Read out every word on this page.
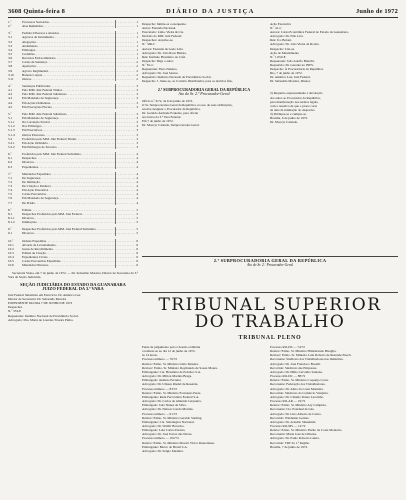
3608 Quinta-feira 8	DIÁRIO DA JUSTIÇA	Junho de 1972
1.º	Processos Sorteados . . .	1
2.º	Atas Remetidas . . .	1
3.º	Pedidos Diversos e Atuados . . .	1
3.1	Agravos de Instrumento . . .	1
3.2	Alegações . . .	1
3.3	Andamento . . .	1
3.4	Embargos . . .	1
3.5	Certidões . . .	1
3.6	Recursos Extraordinários . . .	1
3.7	Cartas de Sentença . . .	2
3.8	Apelações . . .	2
3.9	Agravo Regimental . . .	2
3.10	Habeas Corpus . . .	2
3.11	Outros . . .	2
4.º	Sentenças Publicadas . . .	3
4.1	Pelo MM. Juiz Federal Titular . . .	3
4.2	Pelo MM. Juiz Federal Substituto . . .	3
4.3	Em Mandado de Segurança . . .	3
4.4	Em Ações Ordinárias . . .	3
4.5	Em Execuções Fiscais . . .	3
5.º	Pelo MM. Juiz Federal Substituto . . .	3
5.1	Em Mandado de Segurança . . .	3
5.1.1	Na Correição Parcial . . .	3
5.1.2	Nos Embargos . . .	3
5.1.3	Em Executivos . . .	3
5.1.4	Outros Pareceres . . .	3
5.2	Proferidos pelo MM. Juiz Federal Titular . . .	3
5.2.1	Em Ação Ordinária . . .	3
5.2.2	Em Embargos de Terceiro . . .	3
6.º	Proferidos pelo MM. Juiz Federal Substituto . . .	4
6.1	Despachos . . .	4
6.2	Diversos . . .	4
6.3	Expedientes . . .	4
7.º	Mandados Expedidos . . .	4
7.1	De Segurança . . .	4
7.2	De Intimação . . .	4
7.3	De Citação e Penhora . . .	4
7.4	Em Ação Executiva . . .	4
7.5	Cartas Precatórias . . .	4
7.6	Em Mandado de Segurança . . .	4
7.7	De Prisão . . .	4
8.º	Editais . . .	5
8.1	Despachos Proferidos pelo MM. Juiz Federal . . .	5
8.1.1	Diversos . . .	5
8.1.2	Intimações . . .	5
9.º	Despachos Proferidos pelo MM. Juiz Federal Substituto . . .	5
9.1	Diversos . . .	5
10.º	Ordens Expedidas . . .	6
10.1	Alvarás de Levantamento . . .	6
10.2	Guias de Recolhimento . . .	6
10.3	Editais de Citação . . .	6
10.4	Expedientes Cíveis . . .	6
10.5	Cartas Precatórias Expedidas . . .	6
10.6	Mandados Diversos . . .	6

Secretaria Viana, em 7 de junho de 1972. — Dr. Sebastião Moreira, Diretor de Secretaria da 3.ª Vara da Seção Judiciária.

SEÇÃO JUDICIÁRIA DO ESTADO DA GUANABARA
JUIZO FEDERAL DA 3.ª VARA
Juiz Federal Substituto em Exercício: Dr. Américo Luz
Diretor de Secretaria: Dr. Sebastião Moreira
EXPEDIENTE DO DIA 7 DE JUNHO DE 1972
Despachos
N.º 353-E
Requerente: Instituto Nacional de Previdência Social.
Advogado: Dra. Maria de Lourdes Taveira Pinho.
Despacho: Intime-se a exequente.
Autos: Fazenda Nacional.
Executado: Lima, Vieira & Cia.
Decisão do MM. Juiz Federal:
Despachos: Arquive-se.
N.º 366-C
Autora: Fazenda de Gado Ltda.
Advogado: Dr. João Rosa Batista.
Réu: Instituto Brasileiro do Café.
Despacho: Diga o autor.
N.º 81-C
Requerente: Yuzo Nakano.
Advogado: Dr. José Santos.
Requerido: Instituto Nacional de Previdência Social.
Despacho: J. Junte-se, ao Cartório Distribuidor, para os devidos fins.
2.ª SUBPROCURADORIA GERAL DA REPÚBLICA
Ato do Sr. 2.º Procurador-Geral
Ofício n.º 6/72, de 6 de junho de 1972.
O Sr. Subprocurador-Geral da República, no uso de suas atribuições,
resolve designar o Procurador da República,
Dr. Geraldo Andrade Fonteles, para oficiar
nos feitos da 3.ª Vara Federal.
Em 7 de junho de 1972.
Dr. Moacyr Catunda, Subprocurador-Geral.
Ação Executiva
N.º 41-C
Autora: Caixa Econômica Federal do Estado da Guanabara.
Advogado: Dr. Nilo Lira.
Réu: Ivo Beloni.
Advogado: Dr. João Vieira da Rocha.
Despacho: Cite-se.
Ação de Mandamento
N.º 1.050-E
Requerente: João Adolfo Bianchi.
Requerido: Dr. Gerente do INPS.
Despacho: À Procuradoria da República.
Rio, 7 de junho de 1972.
Dr. Américo Luz, Juiz Federal.
Dr. Sebastião Moreira, Diretor.
2) Requeiro expressamente a devolução
dos autos ao Procurador da República,
para manifestação nos termos legais,
com a ressalva de que o prazo corre
da data da intimação do despacho.
3) Publique-se e cumpra-se.
Brasília, 6 de junho de 1972.
Dr. Moacyr Catunda.
2.ª SUBPROCURADORIA GERAL DA REPÚBLICA
Ato do Sr. 2.º Procurador-Geral
TRIBUNAL SUPERIOR DO TRABALHO
TRIBUNAL PLENO
Pauta de julgamento para a Sessão ordinária
a realizar-se no dia 12 de junho de 1972,
às 14 horas.
Processo número — 76/72
Relator: Exmo. Sr. Ministro Lima Teixeira.
Revisor: Exmo. Sr. Ministro Raymundo de Souza Moura.
Embargante: Cia. Brasileira de Petróleo S.A.
Advogado: Dr. Milton Martins Braga.
Embargado: Antônio Ferreira.
Advogado: Dr. Ulisses Riedel de Resende.
Processo número — 83/72
Relator: Exmo. Sr. Ministro Fortunato Peres.
Embargante: Rede Ferroviária Federal S.A.
Advogado: Dr. Carlos de Almeida Cerqueira.
Embargado: João Nunes da Silva.
Advogado: Dr. Nelson Corrêa Martins.
Processo número — 91/72
Relator: Exmo. Sr. Ministro Geraldo Starling.
Embargante: Cia. Siderúrgica Nacional.
Advogado: Dr. Waldir Barcelos.
Embargado: Luiz Carlos Pereira.
Advogado: Dr. José Torres das Neves.
Processo número — 102/72
Relator: Exmo. Sr. Ministro Mozart Victor Russomano.
Embargante: Banco do Brasil S.A.
Advogado: Dr. Sérgio Madeira.
Processo RO-DS — 74/72
Relator: Exmo. Sr. Ministro Hildebrando Bisaglia.
Revisor: Exmo. Sr. Ministro Luiz Roberto de Rezende Puech.
Recorrente: Sindicato dos Trabalhadores nas Indústrias.
Advogado: Dr. José Francisco Boselli.
Recorrido: Sindicato das Empresas.
Advogado: Dr. Hélio Carvalho Santana.
Processo RO-DC — 88/72
Relator: Exmo. Sr. Ministro Coqueijo Costa.
Recorrente: Federação dos Trabalhadores.
Advogado: Dr. Alino da Costa Monteiro.
Recorrido: Sindicato do Comércio Varejista.
Advogado: Dr. Cláudio Penna Lacombe.
Processo RO-AR — 19/72
Relator: Exmo. Sr. Ministro Ary Campista.
Recorrente: Cia. Estadual de Gás.
Advogado: Dr. Lino Alberto de Castro.
Recorrido: Waldemar Gomes.
Advogado: Dr. Arnaldo Süssekind.
Processo RO-MS — 12/72
Relator: Exmo. Sr. Ministro Thélio da Costa Monteiro.
Recorrente: Maria José de Oliveira.
Advogado: Dr. Paulo Roberto Lauria.
Recorrido: TRT da 1.ª Região.
Brasília, 7 de junho de 1972.
